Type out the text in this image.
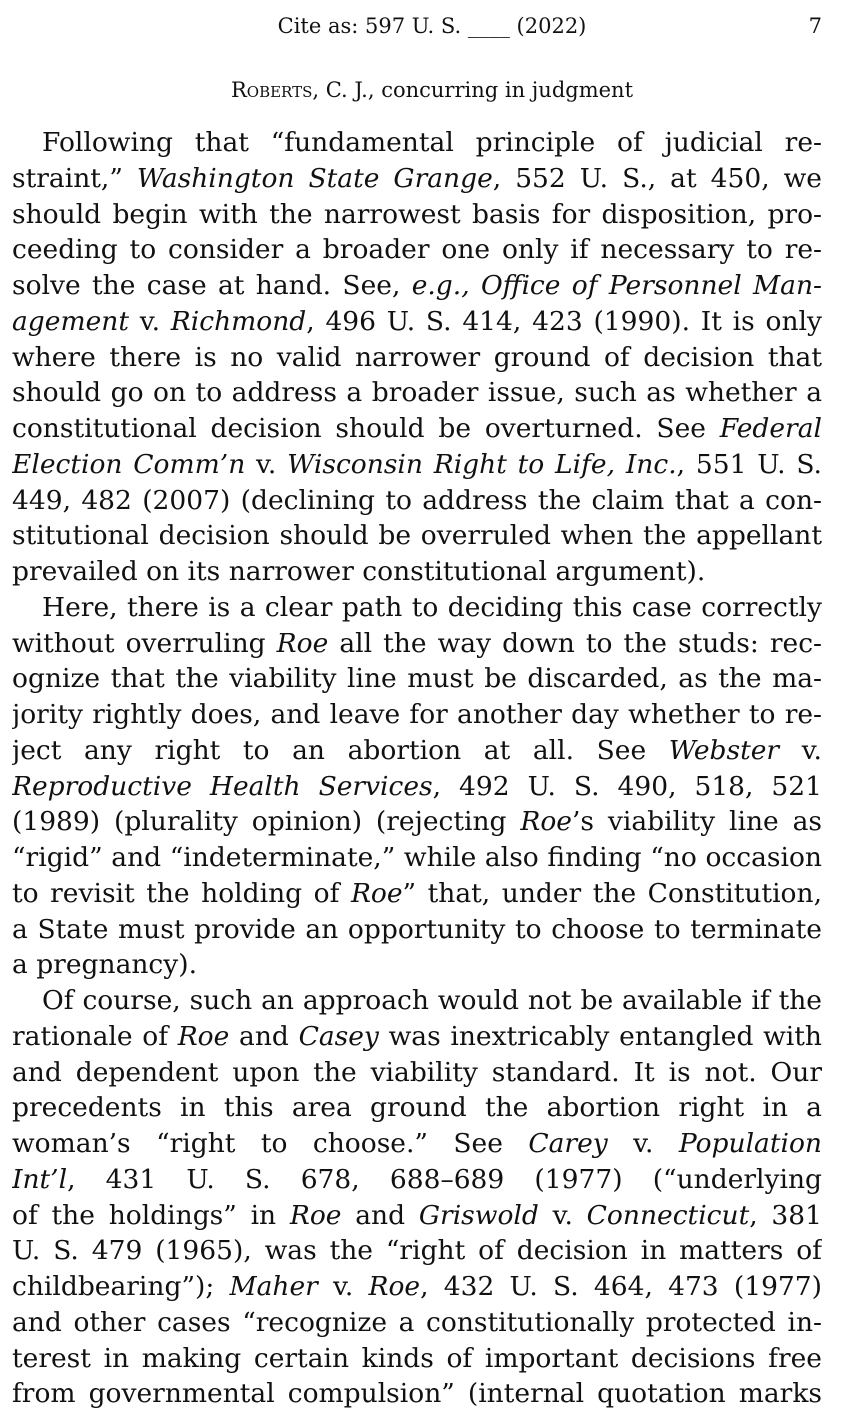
Cite as: 597 U. S. ____ (2022)	7
Roberts, C. J., concurring in judgment
Following that “fundamental principle of judicial re-
straint,” Washington State Grange, 552 U. S., at 450, we
should begin with the narrowest basis for disposition, pro-
ceeding to consider a broader one only if necessary to re-
solve the case at hand. See, e.g., Office of Personnel Man-
agement v. Richmond, 496 U. S. 414, 423 (1990). It is only
where there is no valid narrower ground of decision that
should go on to address a broader issue, such as whether a
constitutional decision should be overturned. See Federal
Election Comm’n v. Wisconsin Right to Life, Inc., 551 U. S.
449, 482 (2007) (declining to address the claim that a con-
stitutional decision should be overruled when the appellant
prevailed on its narrower constitutional argument).
Here, there is a clear path to deciding this case correctly
without overruling Roe all the way down to the studs: rec-
ognize that the viability line must be discarded, as the ma-
jority rightly does, and leave for another day whether to re-
ject any right to an abortion at all. See Webster v.
Reproductive Health Services, 492 U. S. 490, 518, 521
(1989) (plurality opinion) (rejecting Roe’s viability line as
“rigid” and “indeterminate,” while also finding “no occasion
to revisit the holding of Roe” that, under the Constitution,
a State must provide an opportunity to choose to terminate
a pregnancy).
Of course, such an approach would not be available if the
rationale of Roe and Casey was inextricably entangled with
and dependent upon the viability standard. It is not. Our
precedents in this area ground the abortion right in a
woman’s “right to choose.” See Carey v. Population
Int’l, 431 U. S. 678, 688–689 (1977) (“underlying
of the holdings” in Roe and Griswold v. Connecticut, 381
U. S. 479 (1965), was the “right of decision in matters of
childbearing”); Maher v. Roe, 432 U. S. 464, 473 (1977)
and other cases “recognize a constitutionally protected in-
terest in making certain kinds of important decisions free
from governmental compulsion” (internal quotation marks
